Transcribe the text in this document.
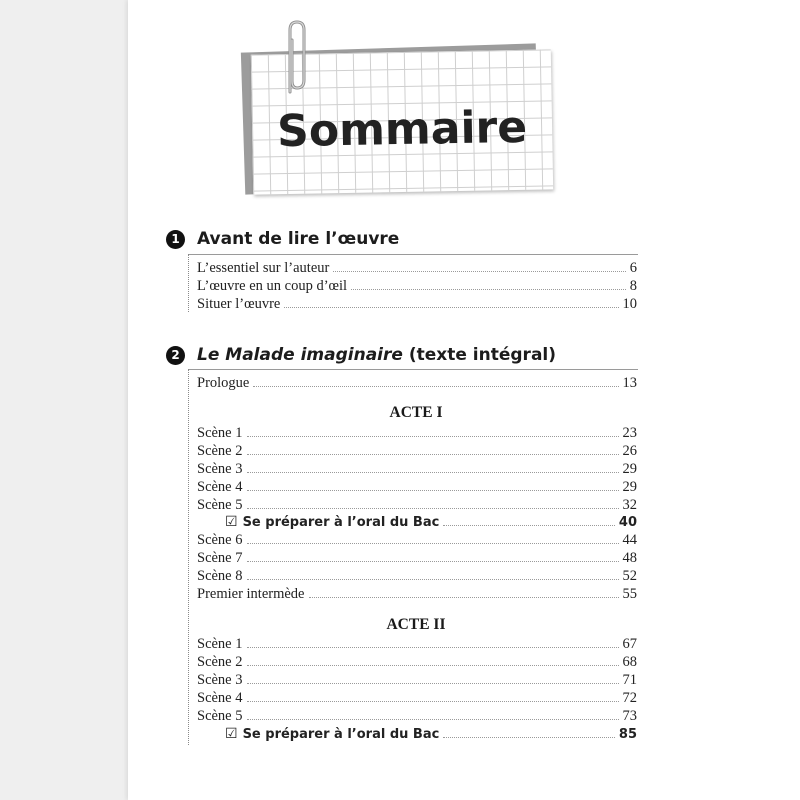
Sommaire
1	Avant de lire l’œuvre
L’essentiel sur l’auteur	6
L’œuvre en un coup d’œil	8
Situer l’œuvre	10
2	Le Malade imaginaire (texte intégral)
Prologue	13
ACTE I
Scène 1	23
Scène 2	26
Scène 3	29
Scène 4	29
Scène 5	32
☑ Se préparer à l’oral du Bac	40
Scène 6	44
Scène 7	48
Scène 8	52
Premier intermède	55
ACTE II
Scène 1	67
Scène 2	68
Scène 3	71
Scène 4	72
Scène 5	73
☑ Se préparer à l’oral du Bac	85
